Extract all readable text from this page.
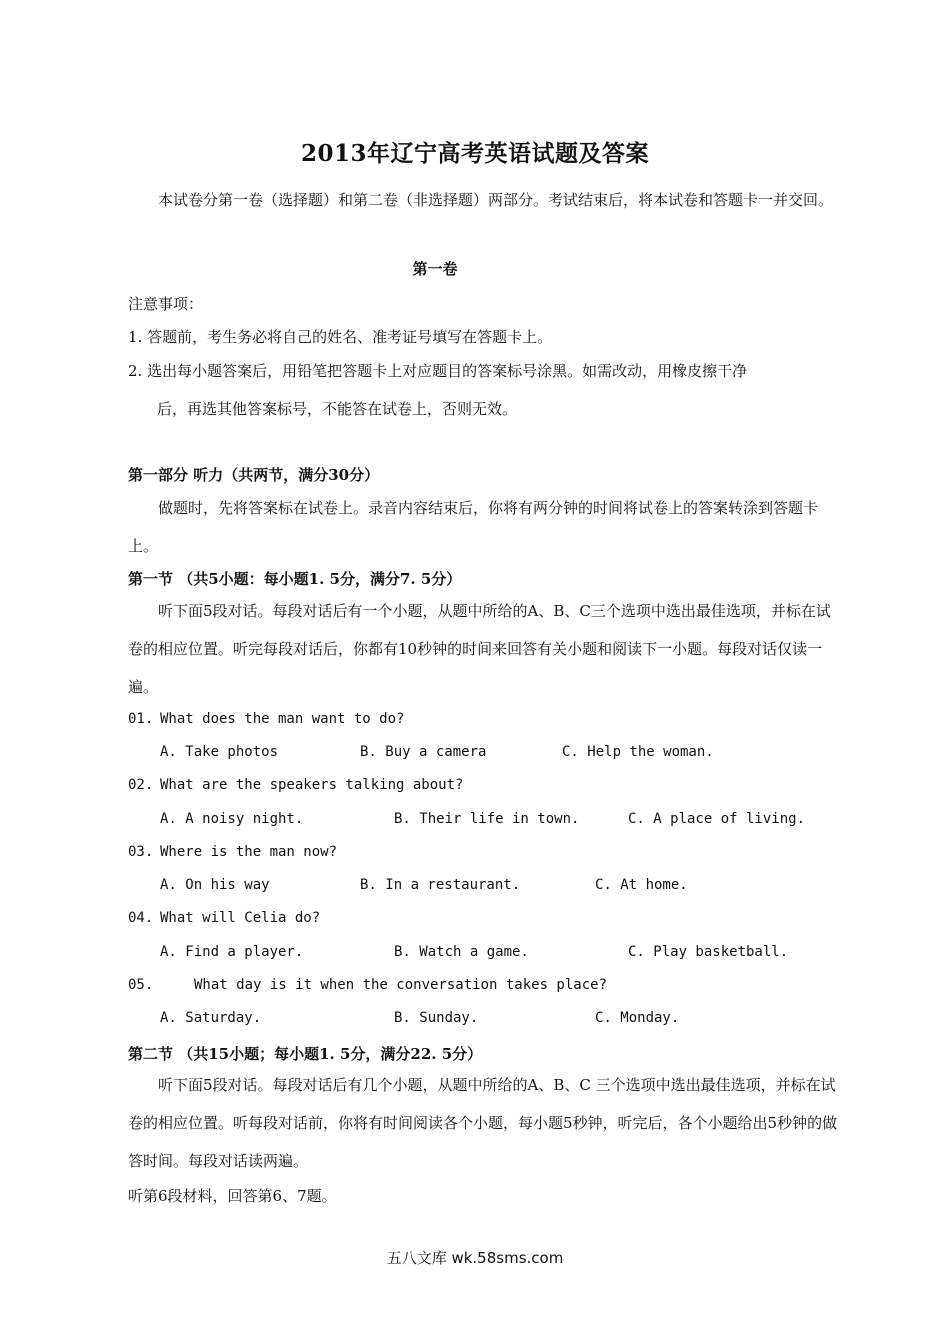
2013年辽宁高考英语试题及答案
本试卷分第一卷（选择题）和第二卷（非选择题）两部分。考试结束后，将本试卷和答题卡一并交回。
第一卷
注意事项：
1. 答题前，考生务必将自己的姓名、准考证号填写在答题卡上。
2. 选出每小题答案后，用铅笔把答题卡上对应题目的答案标号涂黑。如需改动，用橡皮擦干净
后，再选其他答案标号，不能答在试卷上，否则无效。
第一部分 听力（共两节，满分30分）
做题时，先将答案标在试卷上。录音内容结束后，你将有两分钟的时间将试卷上的答案转涂到答题卡上。
第一节 （共5小题：每小题1. 5分，满分7. 5分）
听下面5段对话。每段对话后有一个小题，从题中所给的A、B、C三个选项中选出最佳选项，并标在试卷的相应位置。听完每段对话后，你都有10秒钟的时间来回答有关小题和阅读下一小题。每段对话仅读一遍。
01. What does the man want to do?
A. Take photos	B. Buy a camera	C. Help the woman.
02. What are the speakers talking about?
A. A noisy night.	B. Their life in town.	C. A place of living.
03. Where is the man now?
A. On his way	B. In a restaurant.	C. At home.
04. What will Celia do?
A. Find a player.	B. Watch a game.	C. Play basketball.
05.	What day is it when the conversation takes place?
A. Saturday.	B. Sunday.	C. Monday.
第二节 （共15小题；每小题1. 5分，满分22. 5分）
听下面5段对话。每段对话后有几个小题，从题中所给的A、B、C 三个选项中选出最佳选项，并标在试卷的相应位置。听每段对话前，你将有时间阅读各个小题，每小题5秒钟，听完后，各个小题给出5秒钟的做答时间。每段对话读两遍。
听第6段材料，回答第6、7题。
五八文库 wk.58sms.com
